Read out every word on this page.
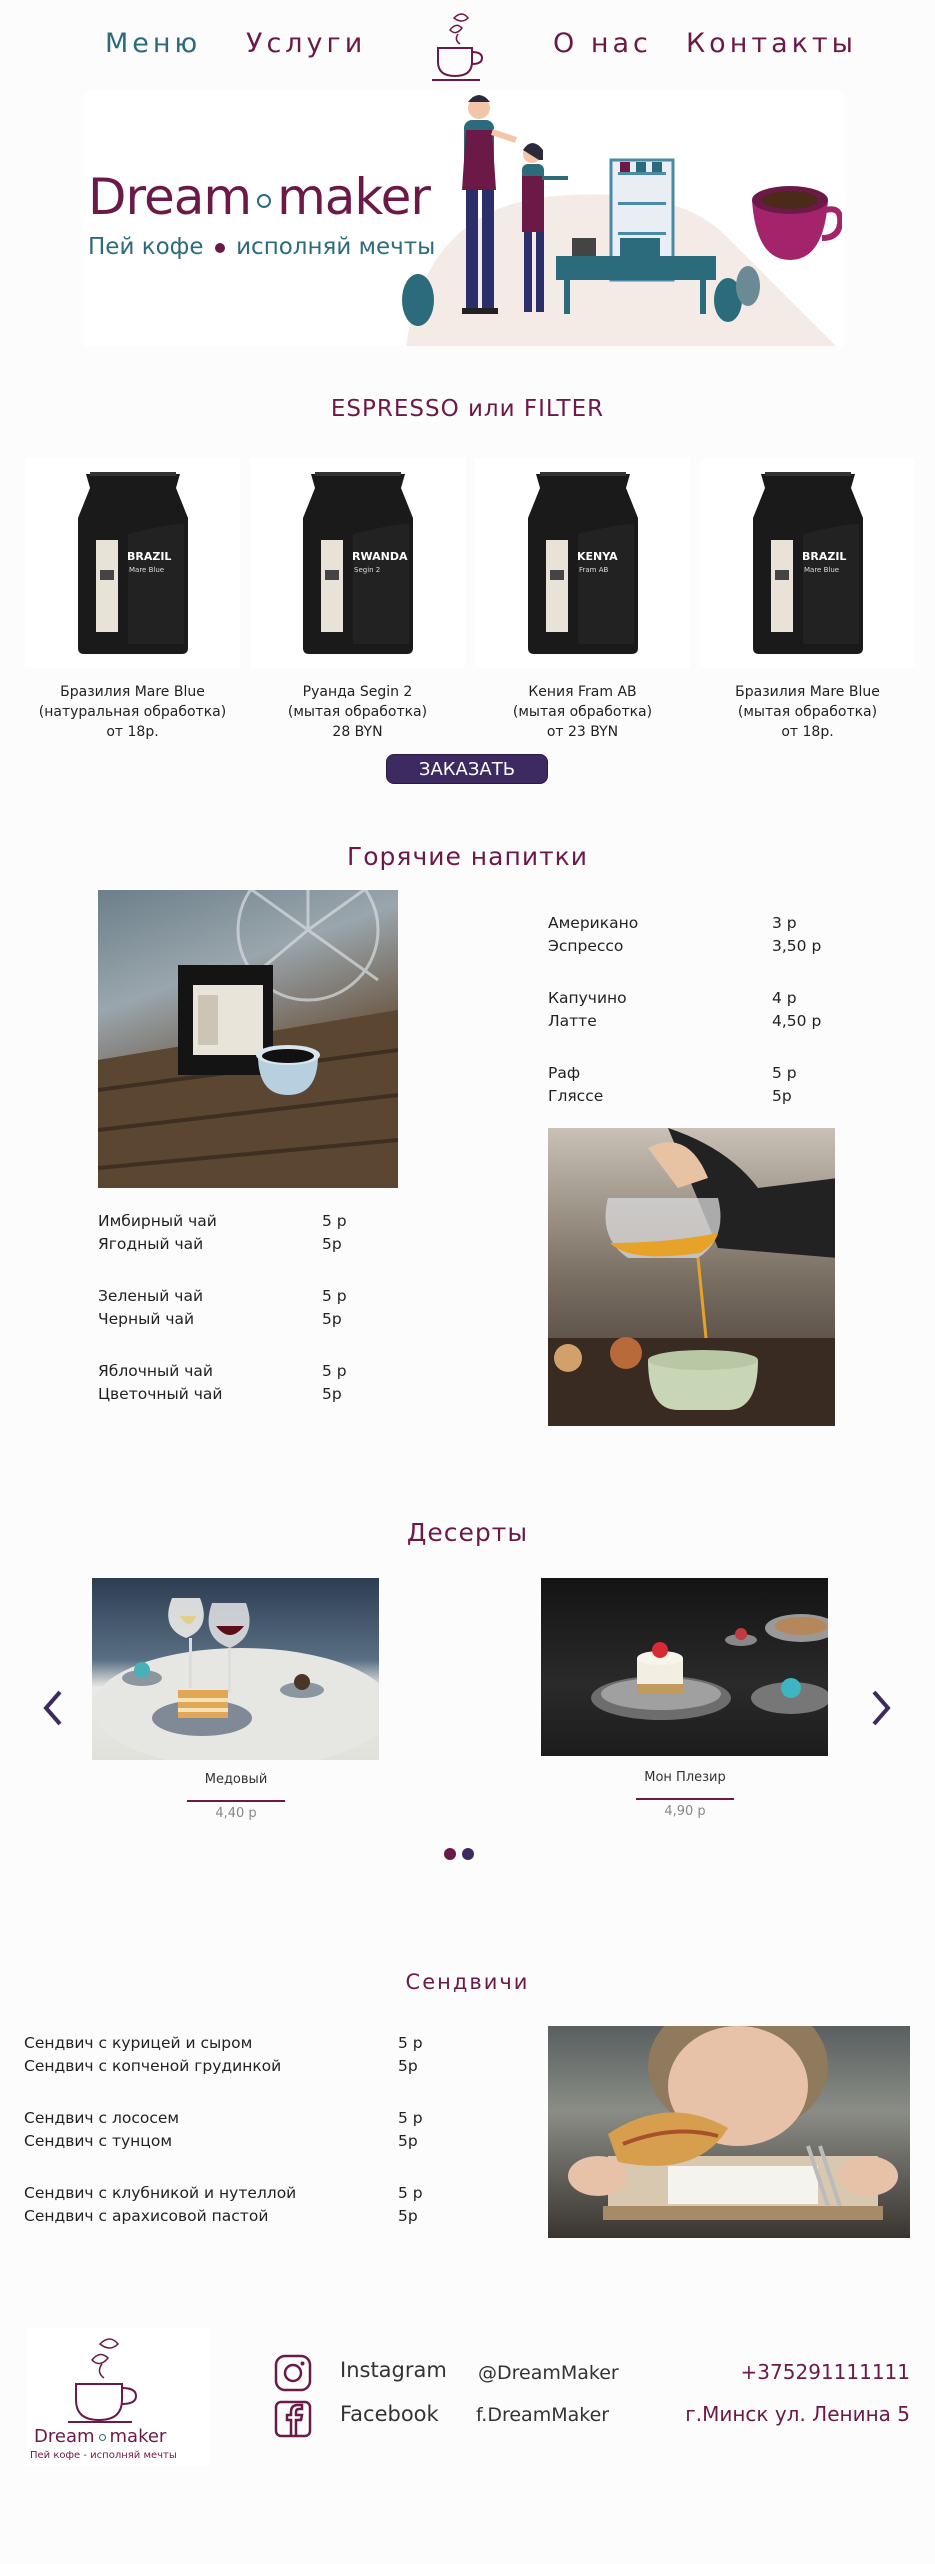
Меню Услуги	О нас Контакты
Dream maker
Пей кофе исполняй мечты
ESPRESSO или FILTER
BRAZIL
Mare Blue
Бразилия Mare Blue
(натуральная обработка)
от 18р.
RWANDA
Segin 2
Руанда Segin 2
(мытая обработка)
28 BYN
KENYA
Fram AB
Кения Fram AB
(мытая обработка)
от 23 BYN
BRAZIL
Mare Blue
Бразилия Mare Blue
(мытая обработка)
от 18р.
ЗАКАЗАТЬ
Горячие напитки
Американо	3 р
Эспрессо	3,50 р
Капучино	4 р
Латте	4,50 р
Раф	5 р
Гляссе	5р
Имбирный чай	5 р
Ягодный чай	5р
Зеленый чай	5 р
Черный чай	5р
Яблочный чай	5 р
Цветочный чай	5р
Десерты
Медовый
4,40 р
Мон Плезир
4,90 р
Сендвичи
Сендвич с курицей и сыром	5 р
Сендвич с копченой грудинкой	5р
Сендвич с лососем	5 р
Сендвич с тунцом	5р
Сендвич с клубникой и нутеллой	5 р
Сендвич с арахисовой пастой	5р
Dream maker
Пей кофе - исполняй мечты
Instagram @DreamMaker	+375291111111
Facebook f.DreamMaker	г.Минск ул. Ленина 5
